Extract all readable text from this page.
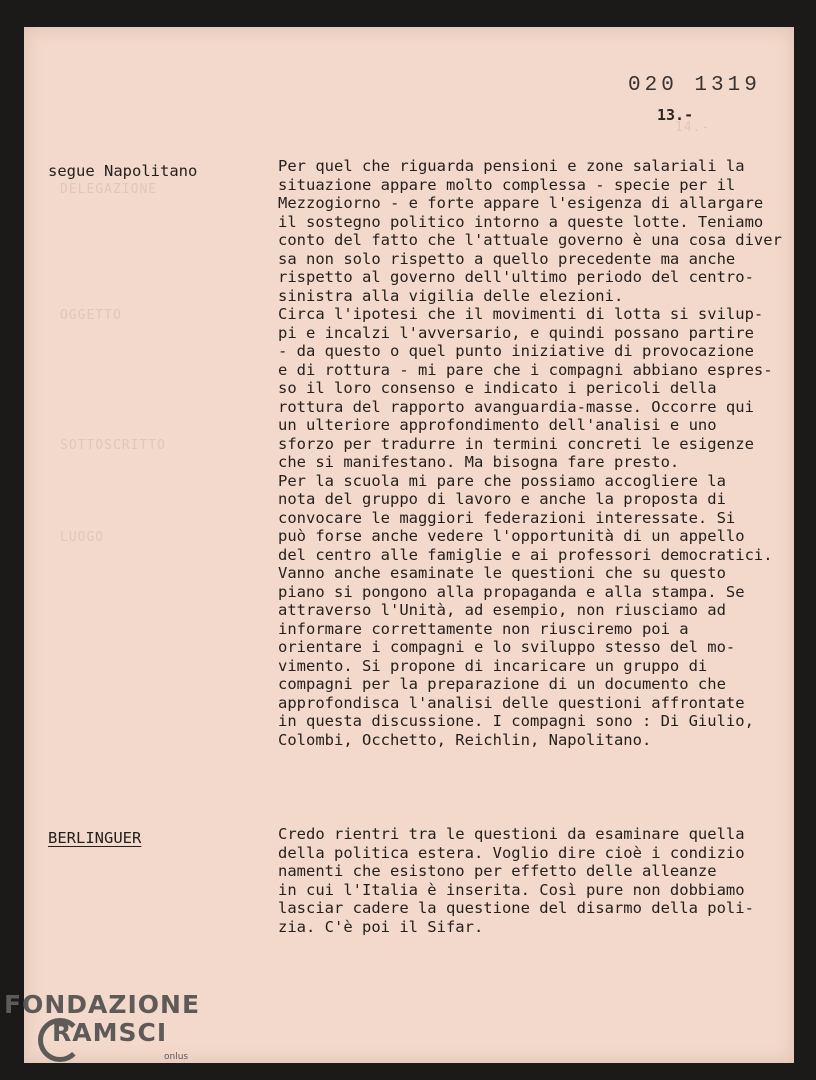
020 1319
13.-
DELEGAZIONE
OGGETTO
SOTTOSCRITTO
LUOGO
14.-
segue Napolitano	Per quel che riguarda pensioni e zone salariali la
situazione appare molto complessa - specie per il
Mezzogiorno - e forte appare l'esigenza di allargare
il sostegno politico intorno a queste lotte. Teniamo
conto del fatto che l'attuale governo è una cosa diver
sa non solo rispetto a quello precedente ma anche
rispetto al governo dell'ultimo periodo del centro-
sinistra alla vigilia delle elezioni.
Circa l'ipotesi che il movimenti di lotta si svilup-
pi e incalzi l'avversario, e quindi possano partire
- da questo o quel punto iniziative di provocazione
e di rottura - mi pare che i compagni abbiano espres-
so il loro consenso e indicato i pericoli della
rottura del rapporto avanguardia-masse. Occorre qui
un ulteriore approfondimento dell'analisi e uno
sforzo per tradurre in termini concreti le esigenze
che si manifestano. Ma bisogna fare presto.
Per la scuola mi pare che possiamo accogliere la
nota del gruppo di lavoro e anche la proposta di
convocare le maggiori federazioni interessate. Si
può forse anche vedere l'opportunità di un appello
del centro alle famiglie e ai professori democratici.
Vanno anche esaminate le questioni che su questo
piano si pongono alla propaganda e alla stampa. Se
attraverso l'Unità, ad esempio, non riusciamo ad
informare correttamente non riusciremo poi a
orientare i compagni e lo sviluppo stesso del mo-
vimento. Si propone di incaricare un gruppo di
compagni per la preparazione di un documento che
approfondisca l'analisi delle questioni affrontate
in questa discussione. I compagni sono : Di Giulio,
Colombi, Occhetto, Reichlin, Napolitano.
BERLINGUER	Credo rientri tra le questioni da esaminare quella
della politica estera. Voglio dire cioè i condizio
namenti che esistono per effetto delle alleanze
in cui l'Italia è inserita. Così pure non dobbiamo
lasciar cadere la questione del disarmo della poli-
zia. C'è poi il Sifar.
FONDAZIONE
RAMSCI
onlus
